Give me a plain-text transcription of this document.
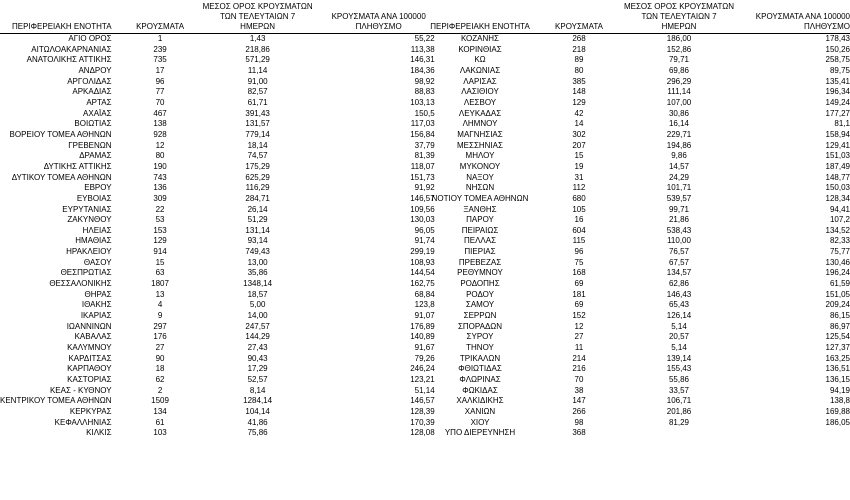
ΠΕΡΙΦΕΡΕΙΑΚΗ ΕΝΟΤΗΤΑ	ΚΡΟΥΣΜΑΤΑ	ΜΕΣΟΣ ΟΡΟΣ ΚΡΟΥΣΜΑΤΩΝ
ΤΩΝ ΤΕΛΕΥΤΑΙΩΝ 7
ΗΜΕΡΩΝ	ΚΡΟΥΣΜΑΤΑ ΑΝΑ 100000
ΠΛΗΘΥΣΜΟ
ΑΓΙΟ ΟΡΟΣ	1	1,43	55,22
ΑΙΤΩΛΟΑΚΑΡΝΑΝΙΑΣ	239	218,86	113,38
ΑΝΑΤΟΛΙΚΗΣ ΑΤΤΙΚΗΣ	735	571,29	146,31
ΑΝΔΡΟΥ	17	11,14	184,36
ΑΡΓΟΛΙΔΑΣ	96	91,00	98,92
ΑΡΚΑΔΙΑΣ	77	82,57	88,83
ΑΡΤΑΣ	70	61,71	103,13
ΑΧΑΪΑΣ	467	391,43	150,5
ΒΟΙΩΤΙΑΣ	138	131,57	117,03
ΒΟΡΕΙΟΥ ΤΟΜΕΑ ΑΘΗΝΩΝ	928	779,14	156,84
ΓΡΕΒΕΝΩΝ	12	18,14	37,79
ΔΡΑΜΑΣ	80	74,57	81,39
ΔΥΤΙΚΗΣ ΑΤΤΙΚΗΣ	190	175,29	118,07
ΔΥΤΙΚΟΥ ΤΟΜΕΑ ΑΘΗΝΩΝ	743	625,29	151,73
ΕΒΡΟΥ	136	116,29	91,92
ΕΥΒΟΙΑΣ	309	284,71	146,57
ΕΥΡΥΤΑΝΙΑΣ	22	26,14	109,56
ΖΑΚΥΝΘΟΥ	53	51,29	130,03
ΗΛΕΙΑΣ	153	131,14	96,05
ΗΜΑΘΙΑΣ	129	93,14	91,74
ΗΡΑΚΛΕΙΟΥ	914	749,43	299,19
ΘΑΣΟΥ	15	13,00	108,93
ΘΕΣΠΡΩΤΙΑΣ	63	35,86	144,54
ΘΕΣΣΑΛΟΝΙΚΗΣ	1807	1348,14	162,75
ΘΗΡΑΣ	13	18,57	68,84
ΙΘΑΚΗΣ	4	5,00	123,8
ΙΚΑΡΙΑΣ	9	14,00	91,07
ΙΩΑΝΝΙΝΩΝ	297	247,57	176,89
ΚΑΒΑΛΑΣ	176	144,29	140,89
ΚΑΛΥΜΝΟΥ	27	27,43	91,67
ΚΑΡΔΙΤΣΑΣ	90	90,43	79,26
ΚΑΡΠΑΘΟΥ	18	17,29	246,24
ΚΑΣΤΟΡΙΑΣ	62	52,57	123,21
ΚΕΑΣ - ΚΥΘΝΟΥ	2	8,14	51,14
ΚΕΝΤΡΙΚΟΥ ΤΟΜΕΑ ΑΘΗΝΩΝ	1509	1284,14	146,57
ΚΕΡΚΥΡΑΣ	134	104,14	128,39
ΚΕΦΑΛΛΗΝΙΑΣ	61	41,86	170,39
ΚΙΛΚΙΣ	103	75,86	128,08
ΠΕΡΙΦΕΡΕΙΑΚΗ ΕΝΟΤΗΤΑ	ΚΡΟΥΣΜΑΤΑ	ΜΕΣΟΣ ΟΡΟΣ ΚΡΟΥΣΜΑΤΩΝ
ΤΩΝ ΤΕΛΕΥΤΑΙΩΝ 7
ΗΜΕΡΩΝ	ΚΡΟΥΣΜΑΤΑ ΑΝΑ 100000
ΠΛΗΘΥΣΜΟ
ΚΟΖΑΝΗΣ	268	186,00	178,43
ΚΟΡΙΝΘΙΑΣ	218	152,86	150,26
ΚΩ	89	79,71	258,75
ΛΑΚΩΝΙΑΣ	80	69,86	89,75
ΛΑΡΙΣΑΣ	385	296,29	135,41
ΛΑΣΙΘΙΟΥ	148	111,14	196,34
ΛΕΣΒΟΥ	129	107,00	149,24
ΛΕΥΚΑΔΑΣ	42	30,86	177,27
ΛΗΜΝΟΥ	14	16,14	81,1
ΜΑΓΝΗΣΙΑΣ	302	229,71	158,94
ΜΕΣΣΗΝΙΑΣ	207	194,86	129,41
ΜΗΛΟΥ	15	9,86	151,03
ΜΥΚΟΝΟΥ	19	14,57	187,49
ΝΑΞΟΥ	31	24,29	148,77
ΝΗΣΩΝ	112	101,71	150,03
ΝΟΤΙΟΥ ΤΟΜΕΑ ΑΘΗΝΩΝ	680	539,57	128,34
ΞΑΝΘΗΣ	105	99,71	94,41
ΠΑΡΟΥ	16	21,86	107,2
ΠΕΙΡΑΙΩΣ	604	538,43	134,52
ΠΕΛΛΑΣ	115	110,00	82,33
ΠΙΕΡΙΑΣ	96	76,57	75,77
ΠΡΕΒΕΖΑΣ	75	67,57	130,46
ΡΕΘΥΜΝΟΥ	168	134,57	196,24
ΡΟΔΟΠΗΣ	69	62,86	61,59
ΡΟΔΟΥ	181	146,43	151,05
ΣΑΜΟΥ	69	65,43	209,24
ΣΕΡΡΩΝ	152	126,14	86,15
ΣΠΟΡΑΔΩΝ	12	5,14	86,97
ΣΥΡΟΥ	27	20,57	125,54
ΤΗΝΟΥ	11	5,14	127,37
ΤΡΙΚΑΛΩΝ	214	139,14	163,25
ΦΘΙΩΤΙΔΑΣ	216	155,43	136,51
ΦΛΩΡΙΝΑΣ	70	55,86	136,15
ΦΩΚΙΔΑΣ	38	33,57	94,19
ΧΑΛΚΙΔΙΚΗΣ	147	106,71	138,8
ΧΑΝΙΩΝ	266	201,86	169,88
ΧΙΟΥ	98	81,29	186,05
ΥΠΟ ΔΙΕΡΕΥΝΗΣΗ	368		
